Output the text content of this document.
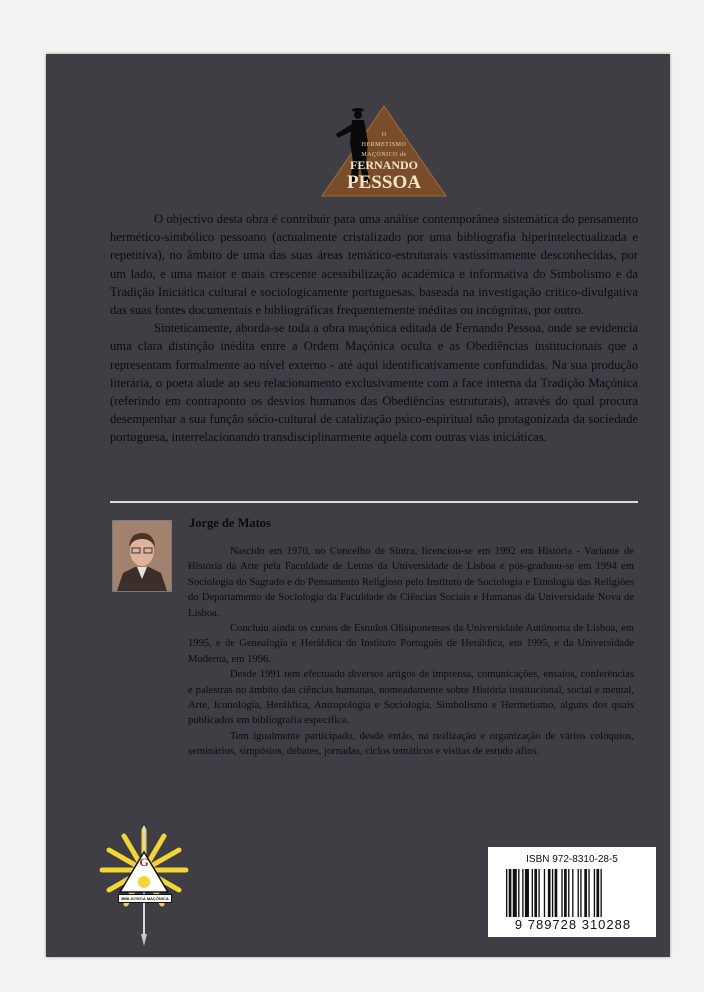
O
HERMETISMO
MAÇÓNICO de
FERNANDO
PESSOA

O objectivo desta obra é contribuir para uma análise contemporânea sistemática do pensamento hermético-simbólico pessoano (actualmente cristalizado por uma bibliografia hiperintelectualizada e repetitiva), no âmbito de uma das suas áreas temático-estruturais vastíssimamente desconhecidas, por um lado, e uma maior e mais crescente acessibilização académica e informativa do Simbolismo e da Tradição Iniciática cultural e sociologicamente portuguesas, baseada na investigação crítico-divulgativa das suas fontes documentais e bibliográficas frequentemente inéditas ou incógnitas, por outro.

Sinteticamente, aborda-se toda a obra maçónica editada de Fernando Pessoa, onde se evidencia uma clara distinção inédita entre a Ordem Maçónica oculta e as Obediências institucionais que a representam formalmente ao nível externo - até aqui identificativamente confundidas. Na sua produção literária, o poeta alude ao seu relacionamento exclusivamente com a face interna da Tradição Maçónica (referindo em contraponto os desvios humanos das Obediências estruturais), através do qual procura desempenhar a sua função sócio-cultural de catalização psico-espiritual não protagonizada da sociedade portuguesa, interrelacionando transdisciplinarmente aquela com outras vias iniciáticas.

Jorge de Matos

Nascido em 1970, no Concelho de Sintra, licenciou-se em 1992 em História - Variante de História da Arte pela Faculdade de Letras da Universidade de Lisboa e pós-graduou-se em 1994 em Sociologia do Sagrado e do Pensamento Religioso pelo Instituto de Sociologia e Etnologia das Religiões do Departamento de Sociologia da Faculdade de Ciências Sociais e Humanas da Universidade Nova de Lisboa.

Concluiu ainda os cursos de Estudos Olisiponenses da Universidade Autónoma de Lisboa, em 1995, e de Genealogia e Heráldica do Instituto Português de Heráldica, em 1995, e da Universidade Moderna, em 1996.

Desde 1991 tem efectuado diversos artigos de imprensa, comunicações, ensaios, conferências e palestras no âmbito das ciências humanas, nomeadamente sobre História institucional, social e mental, Arte, Iconologia, Heráldica, Antropologia e Sociologia, Simbolismo e Hermetismo, alguns dos quais publicados em bibliografia específica.

Tem igualmente participado, desde então, na realização e organização de vários colóquios, seminários, simpósios, debates, jornadas, ciclos temáticos e visitas de estudo afins.

G
BIBLIOTECA MAÇÓNICA
ISBN 972-8310-28-5
9 789728 310288
